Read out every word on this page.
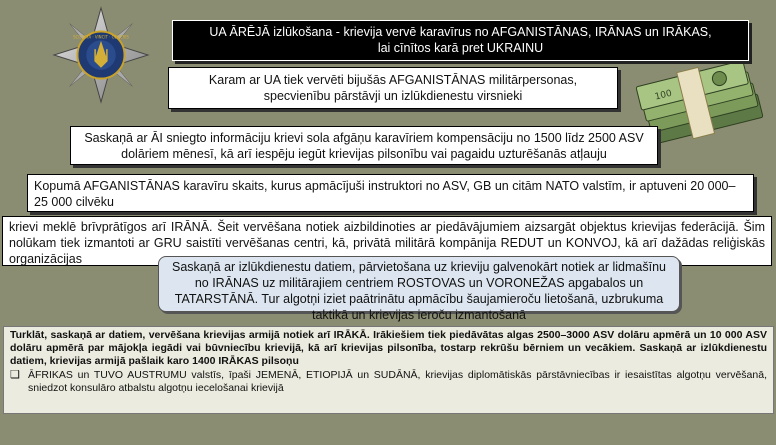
SCIENTIA · VINCIT · GENERIS
100
UA ĀRĒJĀ izlūkošana - krievija vervē karavīrus no AFGANISTĀNAS, IRĀNAS un IRĀKAS, lai cīnītos karā pret UKRAINU
Karam ar UA tiek vervēti bijušās AFGANISTĀNAS militārpersonas, specvienību pārstāvji un izlūkdienestu virsnieki
Saskaņā ar ĀI sniegto informāciju krievi sola afgāņu karavīriem kompensāciju no 1500 līdz 2500 ASV dolāriem mēnesī, kā arī iespēju iegūt krievijas pilsonību vai pagaidu uzturēšanās atļauju
Kopumā AFGANISTĀNAS karavīru skaits, kurus apmācījuši instruktori no ASV, GB un citām NATO valstīm, ir aptuveni 20 000–25 000 cilvēku
krievi meklē brīvprātīgos arī IRĀNĀ. Šeit vervēšana notiek aizbildinoties ar piedāvājumiem aizsargāt objektus krievijas federācijā. Šim nolūkam tiek izmantoti ar GRU saistīti vervēšanas centri, kā, privātā militārā kompānija REDUT un KONVOJ, kā arī dažādas reliģiskās organizācijas
Saskaņā ar izlūkdienestu datiem, pārvietošana uz krieviju galvenokārt notiek ar lidmašīnu no IRĀNAS uz militārajiem centriem ROSTOVAS un VORONEŽAS apgabalos un TATARSTĀNĀ. Tur algotņi iziet paātrinātu apmācību šaujamieroču lietošanā, uzbrukuma taktikā un krievijas ieroču izmantošanā
Turklāt, saskaņā ar datiem, vervēšana krievijas armijā notiek arī IRĀKĀ. Irākiešiem tiek piedāvātas algas 2500–3000 ASV dolāru apmērā un 10 000 ASV dolāru apmērā par mājokļa iegādi vai būvniecību krievijā, kā arī krievijas pilsonība, tostarp rekrūšu bērniem un vecākiem. Saskaņā ar izlūkdienestu datiem, krievijas armijā pašlaik karo 1400 IRĀKAS pilsoņu
❑ ĀFRIKAS un TUVO AUSTRUMU valstīs, īpaši JEMENĀ, ETIOPIJĀ un SUDĀNĀ, krievijas diplomātiskās pārstāvniecības ir iesaistītas algotņu vervēšanā, sniedzot konsulāro atbalstu algotņu iecelošanai krievijā
